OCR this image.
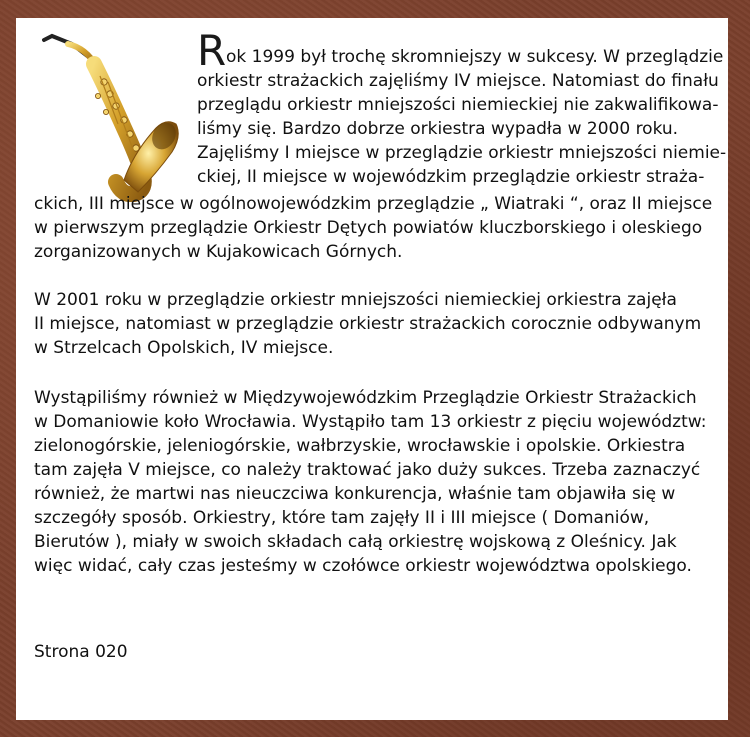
R ok 1999 był trochę skromniejszy w sukcesy. W przeglądzie
orkiestr strażackich zajęliśmy IV miejsce. Natomiast do finału
przeglądu orkiestr mniejszości niemieckiej nie zakwalifikowa-
liśmy się. Bardzo dobrze orkiestra wypadła w 2000 roku.
Zajęliśmy I miejsce w przeglądzie orkiestr mniejszości niemie-
ckiej, II miejsce w wojewódzkim przeglądzie orkiestr straża-
ckich, III miejsce w ogólnowojewódzkim przeglądzie „ Wiatraki “, oraz II miejsce
w pierwszym przeglądzie Orkiestr Dętych powiatów kluczborskiego i oleskiego
zorganizowanych w Kujakowicach Górnych.
W 2001 roku w przeglądzie orkiestr mniejszości niemieckiej orkiestra zajęła
II miejsce, natomiast w przeglądzie orkiestr strażackich corocznie odbywanym
w Strzelcach Opolskich, IV miejsce.
Wystąpiliśmy również w Międzywojewódzkim Przeglądzie Orkiestr Strażackich
w Domaniowie koło Wrocławia. Wystąpiło tam 13 orkiestr z pięciu województw:
zielonogórskie, jeleniogórskie, wałbrzyskie, wrocławskie i opolskie. Orkiestra
tam zajęła V miejsce, co należy traktować jako duży sukces. Trzeba zaznaczyć
również, że martwi nas nieuczciwa konkurencja, właśnie tam objawiła się w
szczegóły sposób. Orkiestry, które tam zajęły II i III miejsce ( Domaniów,
Bierutów ), miały w swoich składach całą orkiestrę wojskową z Oleśnicy. Jak
więc widać, cały czas jesteśmy w czołówce orkiestr województwa opolskiego.
Strona 020
